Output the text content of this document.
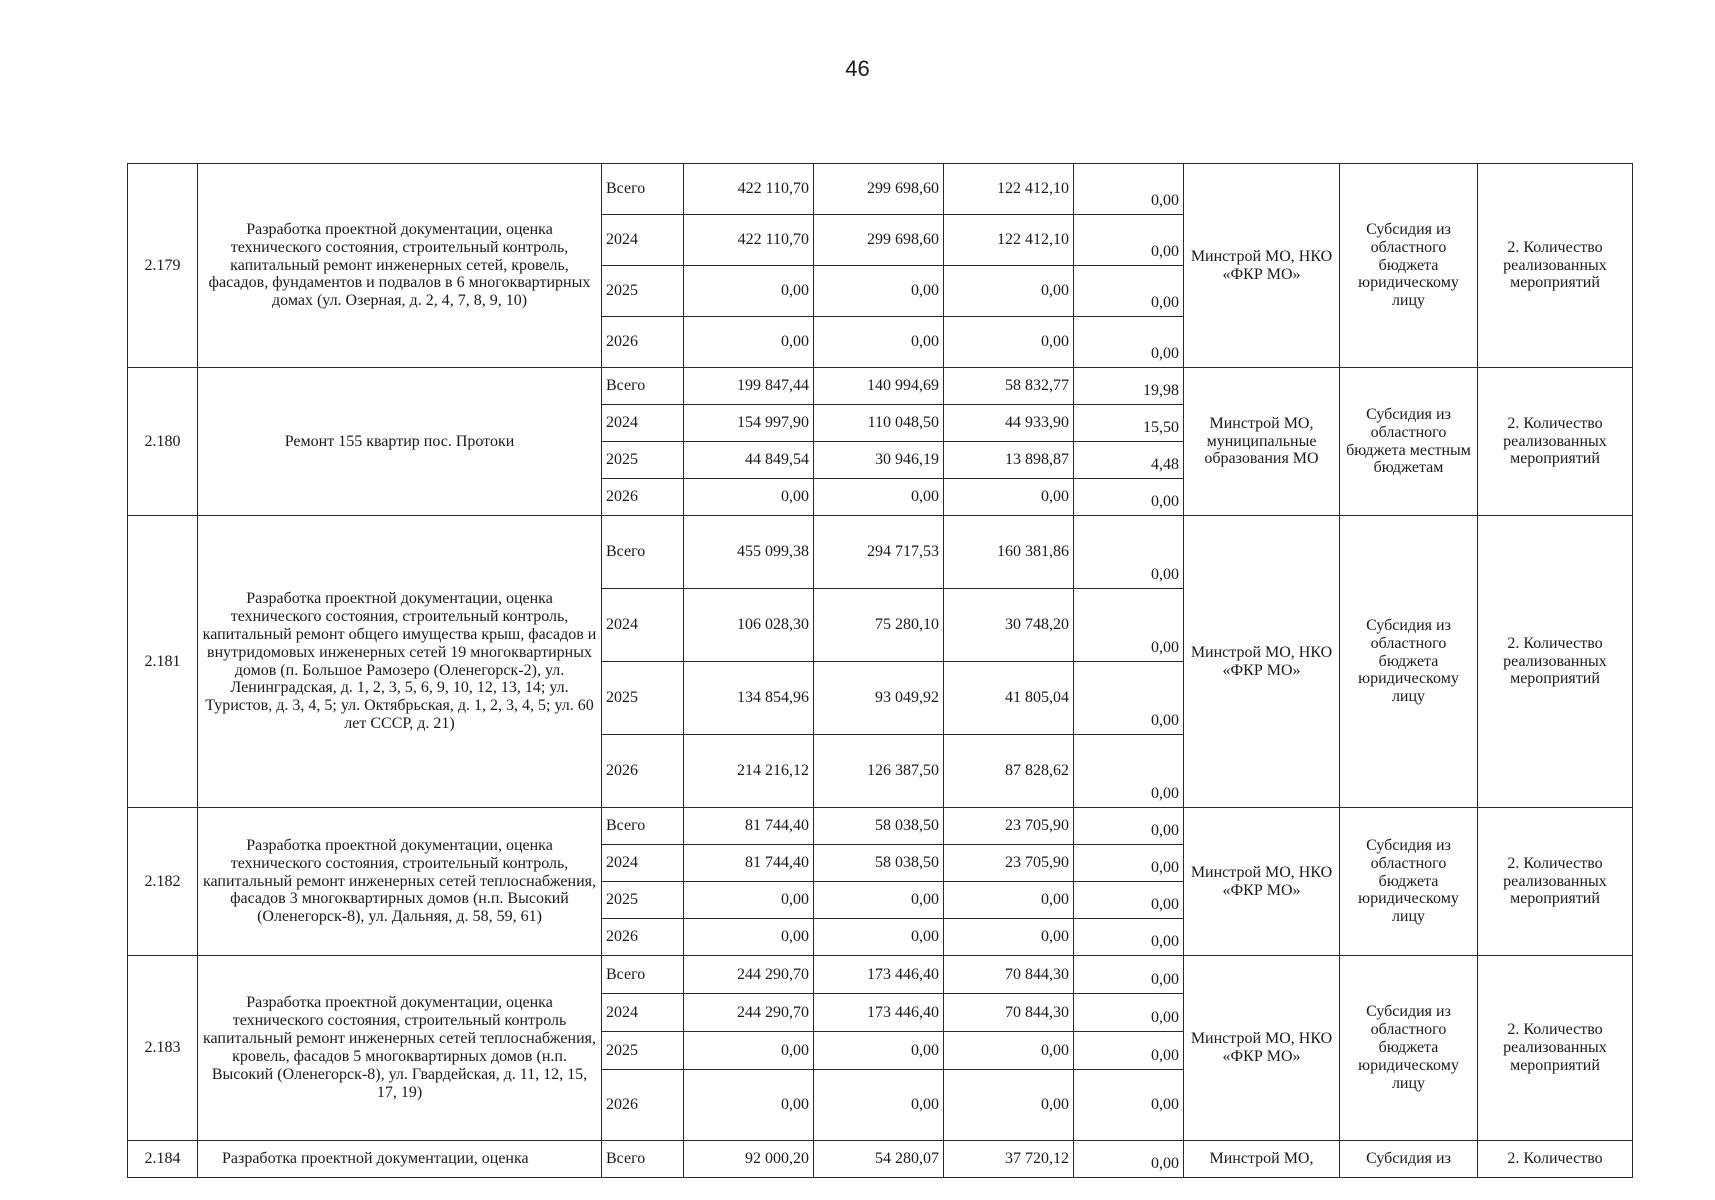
46
2.179	Разработка проектной документации, оценка технического состояния, строительный контроль, капитальный ремонт инженерных сетей, кровель, фасадов, фундаментов и подвалов в 6 многоквартирных домах (ул. Озерная, д. 2, 4, 7, 8, 9, 10)	Всего	422 110,70	299 698,60	122 412,10	0,00	Минстрой МО, НКО «ФКР МО»	Субсидия из областного бюджета юридическому лицу	2. Количество реализованных мероприятий
		2024	422 110,70	299 698,60	122 412,10	0,00			
		2025	0,00	0,00	0,00	0,00			
		2026	0,00	0,00	0,00	0,00			
2.180	Ремонт 155 квартир пос. Протоки	Всего	199 847,44	140 994,69	58 832,77	19,98	Минстрой МО, муниципальные образования МО	Субсидия из областного бюджета местным бюджетам	2. Количество реализованных мероприятий
		2024	154 997,90	110 048,50	44 933,90	15,50			
		2025	44 849,54	30 946,19	13 898,87	4,48			
		2026	0,00	0,00	0,00	0,00			
2.181	Разработка проектной документации, оценка технического состояния, строительный контроль, капитальный ремонт общего имущества крыш, фасадов и внутридомовых инженерных сетей 19 многоквартирных домов (п. Большое Рамозеро (Оленегорск-2), ул. Ленинградская, д. 1, 2, 3, 5, 6, 9, 10, 12, 13, 14; ул. Туристов, д. 3, 4, 5; ул. Октябрьская, д. 1, 2, 3, 4, 5; ул. 60 лет СССР, д. 21)	Всего	455 099,38	294 717,53	160 381,86	0,00	Минстрой МО, НКО «ФКР МО»	Субсидия из областного бюджета юридическому лицу	2. Количество реализованных мероприятий
		2024	106 028,30	75 280,10	30 748,20	0,00			
		2025	134 854,96	93 049,92	41 805,04	0,00			
		2026	214 216,12	126 387,50	87 828,62	0,00			
2.182	Разработка проектной документации, оценка технического состояния, строительный контроль, капитальный ремонт инженерных сетей теплоснабжения, фасадов 3 многоквартирных домов (н.п. Высокий (Оленегорск-8), ул. Дальняя, д. 58, 59, 61)	Всего	81 744,40	58 038,50	23 705,90	0,00	Минстрой МО, НКО «ФКР МО»	Субсидия из областного бюджета юридическому лицу	2. Количество реализованных мероприятий
		2024	81 744,40	58 038,50	23 705,90	0,00			
		2025	0,00	0,00	0,00	0,00			
		2026	0,00	0,00	0,00	0,00			
2.183	Разработка проектной документации, оценка технического состояния, строительный контроль капитальный ремонт инженерных сетей теплоснабжения, кровель, фасадов 5 многоквартирных домов (н.п. Высокий (Оленегорск-8), ул. Гвардейская, д. 11, 12, 15, 17, 19)	Всего	244 290,70	173 446,40	70 844,30	0,00	Минстрой МО, НКО «ФКР МО»	Субсидия из областного бюджета юридическому лицу	2. Количество реализованных мероприятий
		2024	244 290,70	173 446,40	70 844,30	0,00			
		2025	0,00	0,00	0,00	0,00			
		2026	0,00	0,00	0,00	0,00			
2.184	Разработка проектной документации, оценка	Всего	92 000,20	54 280,07	37 720,12	0,00	Минстрой МО,	Субсидия из	2. Количество
